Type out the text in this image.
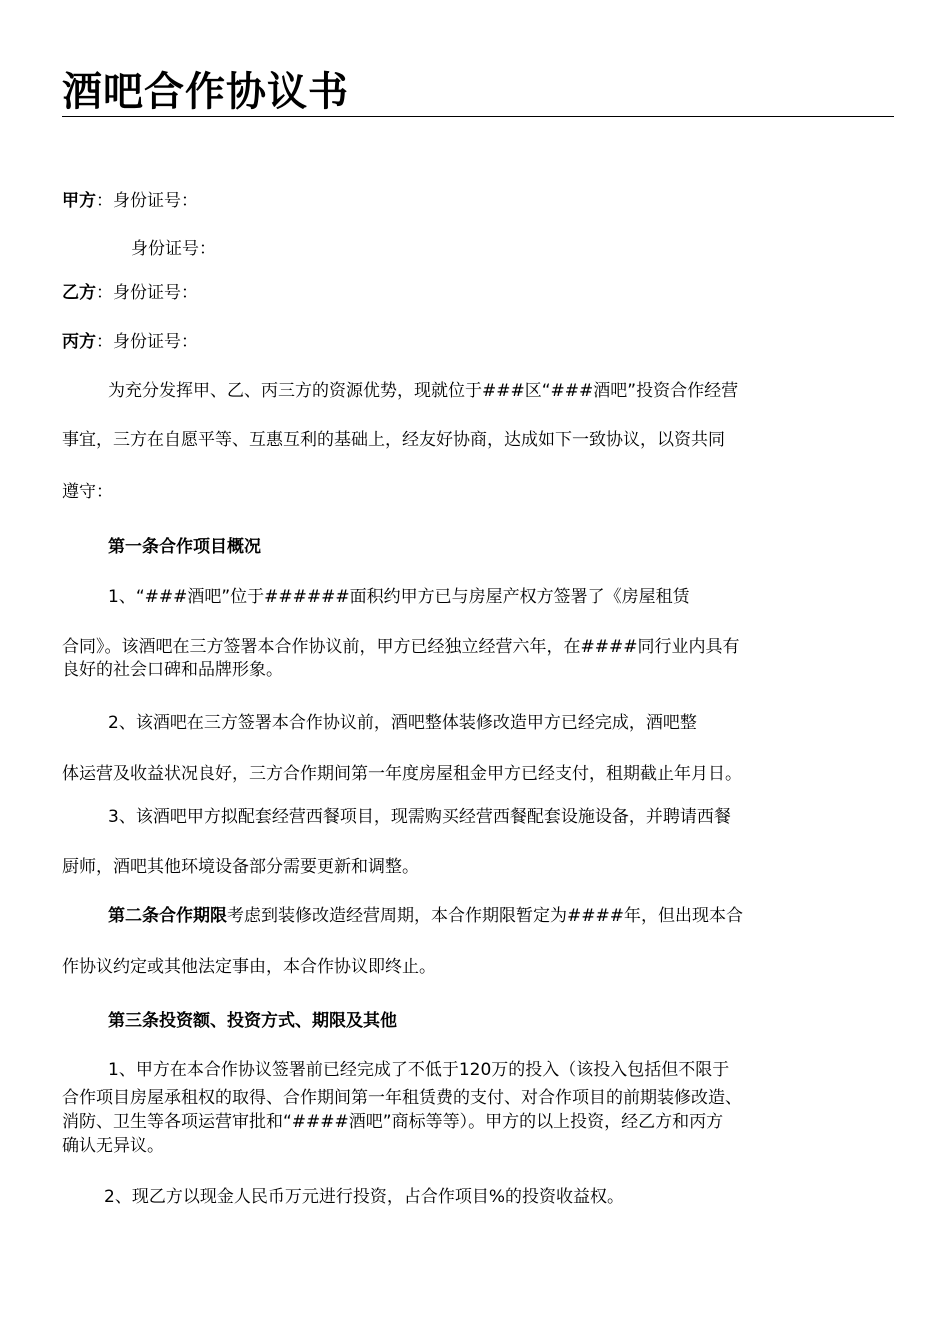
酒吧合作协议书
甲方：身份证号：
身份证号：
乙方：身份证号：
丙方：身份证号：
为充分发挥甲、乙、丙三方的资源优势，现就位于###区“###酒吧”投资合作经营
事宜，三方在自愿平等、互惠互利的基础上，经友好协商，达成如下一致协议，以资共同
遵守：
第一条合作项目概况
1、“###酒吧”位于######面积约甲方已与房屋产权方签署了《房屋租赁
合同》。该酒吧在三方签署本合作协议前，甲方已经独立经营六年，在####同行业内具有
良好的社会口碑和品牌形象。
2、该酒吧在三方签署本合作协议前，酒吧整体装修改造甲方已经完成，酒吧整
体运营及收益状况良好，三方合作期间第一年度房屋租金甲方已经支付，租期截止年月日。
3、该酒吧甲方拟配套经营西餐项目，现需购买经营西餐配套设施设备，并聘请西餐
厨师，酒吧其他环境设备部分需要更新和调整。
第二条合作期限考虑到装修改造经营周期，本合作期限暂定为####年，但出现本合
作协议约定或其他法定事由，本合作协议即终止。
第三条投资额、投资方式、期限及其他
1、甲方在本合作协议签署前已经完成了不低于120万的投入（该投入包括但不限于
合作项目房屋承租权的取得、合作期间第一年租赁费的支付、对合作项目的前期装修改造、
消防、卫生等各项运营审批和“####酒吧”商标等等）。甲方的以上投资，经乙方和丙方
确认无异议。
2、现乙方以现金人民币万元进行投资，占合作项目%的投资收益权。
